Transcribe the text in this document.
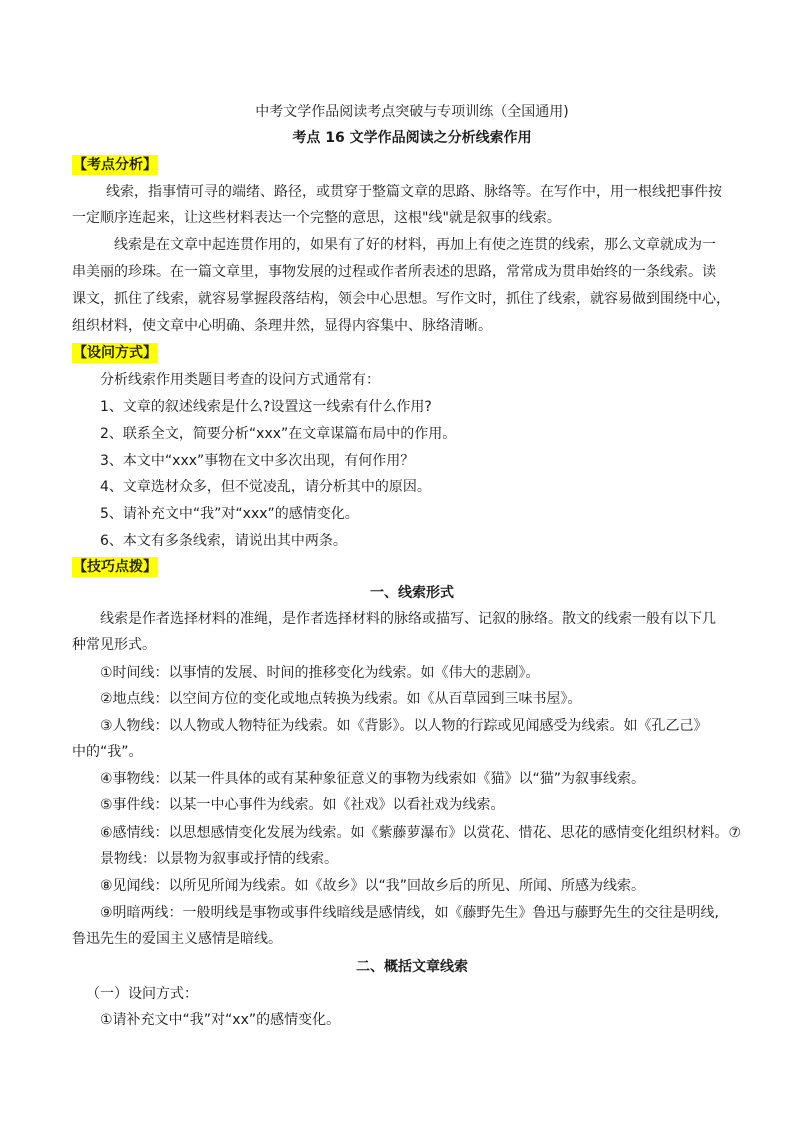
中考文学作品阅读考点突破与专项训练（全国通用)
考点 16 文学作品阅读之分析线索作用
【考点分析】
线索，指事情可寻的端绪、路径，或贯穿于整篇文章的思路、脉络等。在写作中，用一根线把事件按
一定顺序连起来，让这些材料表达一个完整的意思，这根"线"就是叙事的线索。
线索是在文章中起连贯作用的，如果有了好的材料，再加上有使之连贯的线索，那么文章就成为一
串美丽的珍珠。在一篇文章里，事物发展的过程或作者所表述的思路，常常成为贯串始终的一条线索。读
课文，抓住了线索，就容易掌握段落结构，领会中心思想。写作文时，抓住了线索，就容易做到围绕中心，
组织材料，使文章中心明确、条理井然，显得内容集中、脉络清晰。
【设问方式】
分析线索作用类题目考查的设问方式通常有：
1、文章的叙述线索是什么?设置这一线索有什么作用?
2、联系全文，简要分析“xxx”在文章谋篇布局中的作用。
3、本文中“xxx”事物在文中多次出现，有何作用？
4、文章选材众多，但不觉凌乱，请分析其中的原因。
5、请补充文中“我”对“xxx”的感情变化。
6、本文有多条线索，请说出其中两条。
【技巧点拨】
一、线索形式
线索是作者选择材料的准绳，是作者选择材料的脉络或描写、记叙的脉络。散文的线索一般有以下几
种常见形式。
①时间线：以事情的发展、时间的推移变化为线索。如《伟大的悲剧》。
②地点线：以空间方位的变化或地点转换为线索。如《从百草园到三味书屋》。
③人物线：以人物或人物特征为线索。如《背影》。以人物的行踪或见闻感受为线索。如《孔乙己》
中的“我”。
④事物线：以某一件具体的或有某种象征意义的事物为线索如《猫》以“猫”为叙事线索。
⑤事件线：以某一中心事件为线索。如《社戏》以看社戏为线索。
⑥感情线：以思想感情变化发展为线索。如《紫藤萝瀑布》以赏花、惜花、思花的感情变化组织材料。⑦
景物线：以景物为叙事或抒情的线索。
⑧见闻线：以所见所闻为线索。如《故乡》以“我”回故乡后的所见、所闻、所感为线索。
⑨明暗两线：一般明线是事物或事件线暗线是感情线，如《藤野先生》鲁迅与藤野先生的交往是明线,
鲁迅先生的爱国主义感情是暗线。
二、概括文章线索
（一）设问方式：
①请补充文中“我”对“xx”的感情变化。
